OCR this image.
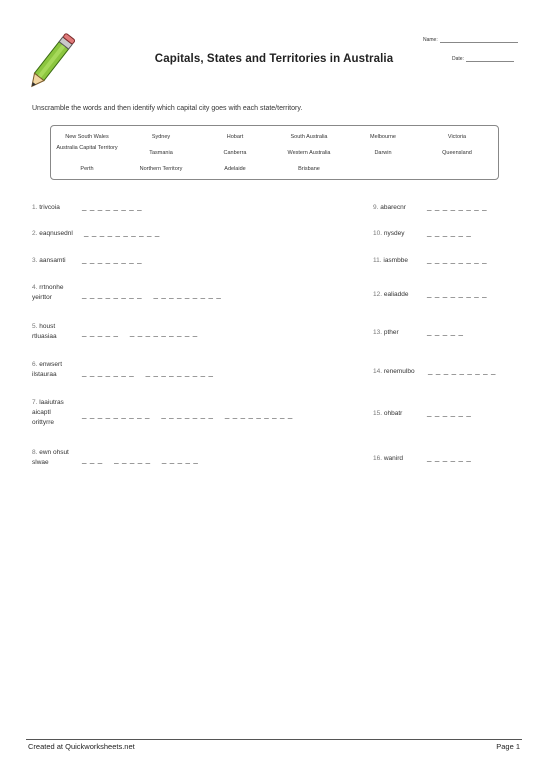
Capitals, States and Territories in Australia
Name:
Date:
Unscramble the words and then identify which capital city goes with each state/territory.
New South Wales	Sydney	Hobart	South Australia	Melbourne	Victoria
Australia Capital Territory
Tasmania	Canberra	Western Australia	Darwin	Queensland
Perth	Northern Territory	Adelaide	Brisbane
1. trivcoia	_ _ _ _ _ _ _ _
2. eaqnusednl _ _ _ _ _ _ _ _ _ _
3. aansamti _ _ _ _ _ _ _ _
4. rrtnonhe
yeirttor	_ _ _ _ _ _ _ _    _ _ _ _ _ _ _ _ _
5. houst
rtluasiaa	_ _ _ _ _    _ _ _ _ _ _ _ _ _
6. enwsert
ilstauraa	_ _ _ _ _ _ _    _ _ _ _ _ _ _ _ _
7. laaiutras
aicaptl
orittyrre
_ _ _ _ _ _ _ _ _    _ _ _ _ _ _ _    _ _ _ _ _ _ _ _ _
8. ewn ohsut
slwae	_ _ _    _ _ _ _ _    _ _ _ _ _
9. abarecnr	_ _ _ _ _ _ _ _
10. nysdey	_ _ _ _ _ _
11. iasmbbe _ _ _ _ _ _ _ _
12. ealiadde _ _ _ _ _ _ _ _
13. pther	_ _ _ _ _
14. renemulbo _ _ _ _ _ _ _ _ _
15. ohbatr	_ _ _ _ _ _
16. wanird	_ _ _ _ _ _
Created at Quickworksheets.net	Page 1
